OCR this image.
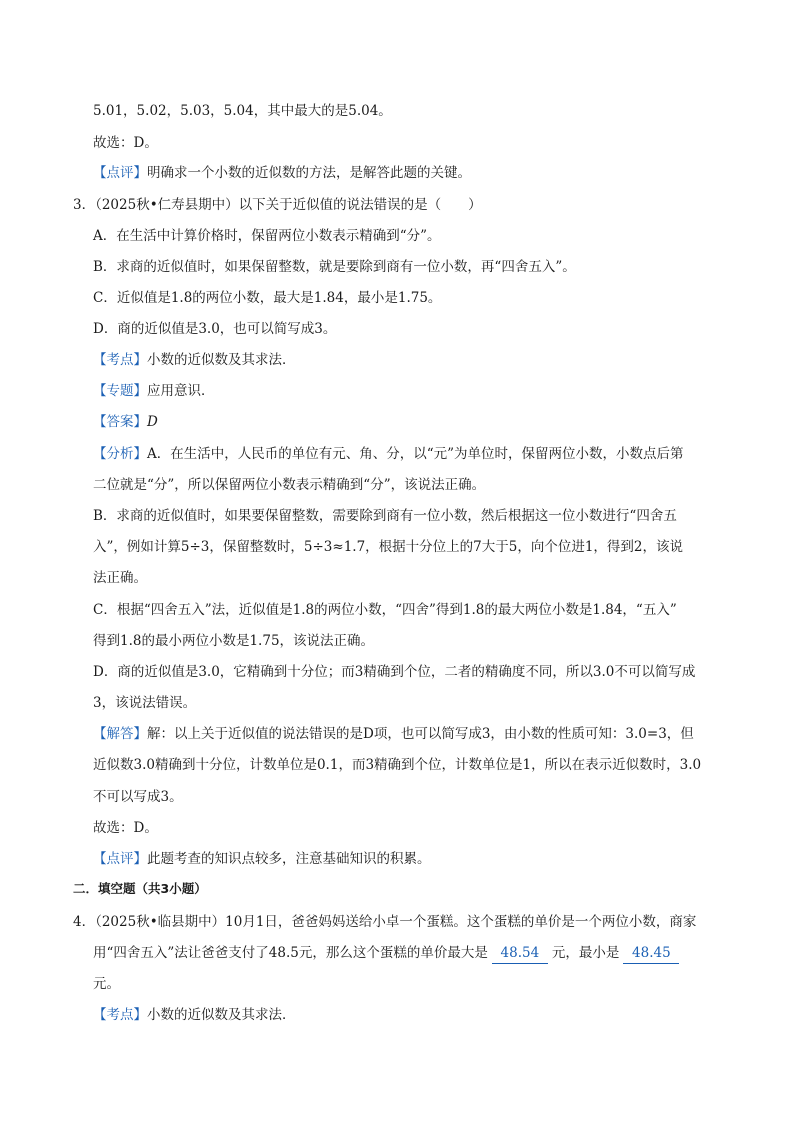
5.01，5.02，5.03，5.04，其中最大的是5.04。
故选：D。
【点评】明确求一个小数的近似数的方法，是解答此题的关键。
3．（2025秋•仁寿县期中）以下关于近似值的说法错误的是（　　）
A．在生活中计算价格时，保留两位小数表示精确到“分”。
B．求商的近似值时，如果保留整数，就是要除到商有一位小数，再“四舍五入”。
C．近似值是1.8的两位小数，最大是1.84，最小是1.75。
D．商的近似值是3.0，也可以简写成3。
【考点】小数的近似数及其求法．
【专题】应用意识．
【答案】D
【分析】A．在生活中，人民币的单位有元、角、分，以“元”为单位时，保留两位小数，小数点后第
二位就是“分”，所以保留两位小数表示精确到“分”，该说法正确。
B．求商的近似值时，如果要保留整数，需要除到商有一位小数，然后根据这一位小数进行“四舍五
入”，例如计算5÷3，保留整数时，5÷3≈1.7，根据十分位上的7大于5，向个位进1，得到2，该说
法正确。
C．根据“四舍五入”法，近似值是1.8的两位小数，“四舍”得到1.8的最大两位小数是1.84，“五入”
得到1.8的最小两位小数是1.75，该说法正确。
D．商的近似值是3.0，它精确到十分位；而3精确到个位，二者的精确度不同，所以3.0不可以简写成
3，该说法错误。
【解答】解：以上关于近似值的说法错误的是D项，也可以简写成3，由小数的性质可知：3.0=3，但
近似数3.0精确到十分位，计数单位是0.1，而3精确到个位，计数单位是1，所以在表示近似数时，3.0
不可以写成3。
故选：D。
【点评】此题考查的知识点较多，注意基础知识的积累。
二．填空题（共3小题）
4．（2025秋•临县期中）10月1日，爸爸妈妈送给小卓一个蛋糕。这个蛋糕的单价是一个两位小数，商家
用“四舍五入”法让爸爸支付了48.5元，那么这个蛋糕的单价最大是 48.54 元，最小是 48.45
元。
【考点】小数的近似数及其求法．
